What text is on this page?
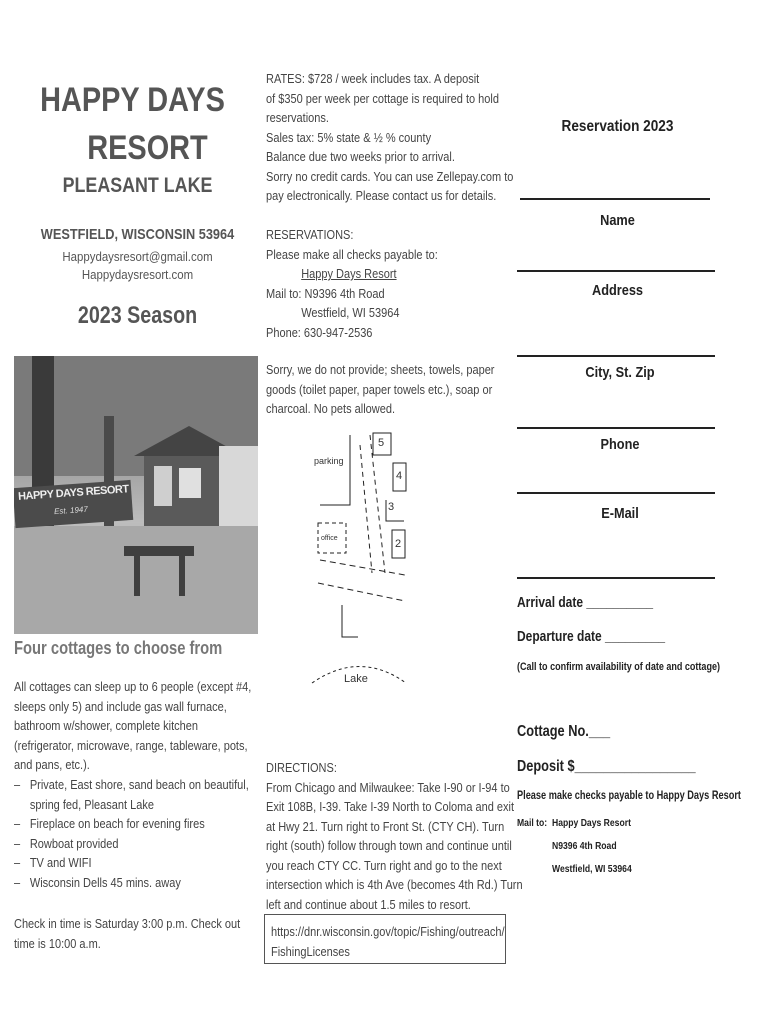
HAPPY DAYS
RESORT
PLEASANT LAKE
WESTFIELD, WISCONSIN 53964
Happydaysresort@gmail.com
Happydaysresort.com
2023 Season
HAPPY DAYS RESORT
Est. 1947
Four cottages to choose from
All cottages can sleep up to 6 people (except #4, sleeps only 5) and include gas wall furnace, bathroom w/shower, complete kitchen (refrigerator, microwave, range, tableware, pots, and pans, etc.).
– Private, East shore, sand beach on beautiful, spring fed, Pleasant Lake
– Fireplace on beach for evening fires
– Rowboat provided
– TV and WIFI
– Wisconsin Dells 45 mins. away
Check in time is Saturday 3:00 p.m. Check out time is 10:00 a.m.
RATES: $728 / week includes tax. A deposit
of $350 per week per cottage is required to hold
reservations.
Sales tax: 5% state & ½ % county
Balance due two weeks prior to arrival.
Sorry no credit cards. You can use Zellepay.com to
pay electronically. Please contact us for details.
RESERVATIONS:
Please make all checks payable to:
Happy Days Resort
Mail to: N9396 4th Road
Westfield, WI 53964
Phone: 630-947-2536
Sorry, we do not provide; sheets, towels, paper
goods (toilet paper, paper towels etc.), soap or
charcoal. No pets allowed.
parking
office
5
4
3
2
Lake
DIRECTIONS:
From Chicago and Milwaukee: Take I-90 or I-94 to
Exit 108B, I-39. Take I-39 North to Coloma and exit
at Hwy 21. Turn right to Front St. (CTY CH). Turn
right (south) follow through town and continue until
you reach CTY CC. Turn right and go to the next
intersection which is 4th Ave (becomes 4th Rd.) Turn
left and continue about 1.5 miles to resort.
https://dnr.wisconsin.gov/topic/Fishing/outreach/
FishingLicenses
Reservation 2023
Name
Address
City, St. Zip
Phone
E-Mail
Arrival date __________
Departure date _________
(Call to confirm availability of date and cottage)
Cottage No.___
Deposit $_________________
Please make checks payable to Happy Days Resort
Mail to: Happy Days Resort
N9396 4th Road
Westfield, WI 53964
